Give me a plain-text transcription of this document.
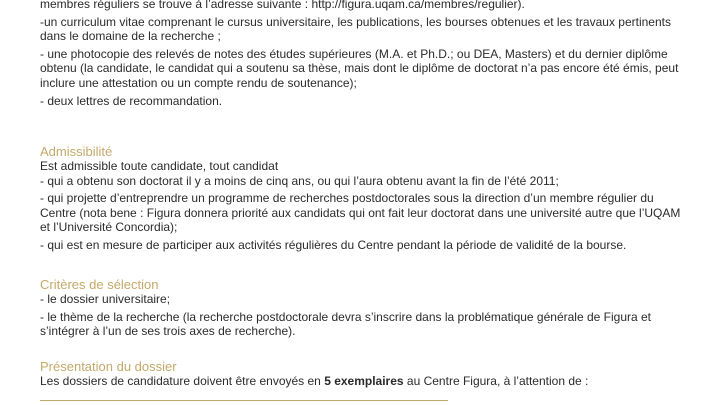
membres réguliers se trouve à l’adresse suivante : http://figura.uqam.ca/membres/regulier).

-un curriculum vitae comprenant le cursus universitaire, les publications, les bourses obtenues et les travaux pertinents dans le domaine de la recherche ;

- une photocopie des relevés de notes des études supérieures (M.A. et Ph.D.; ou DEA, Masters) et du dernier diplôme obtenu (la candidate, le candidat qui a soutenu sa thèse, mais dont le diplôme de doctorat n’a pas encore été émis, peut inclure une attestation ou un compte rendu de soutenance);

- deux lettres de recommandation.

Admissibilité

Est admissible toute candidate, tout candidat

- qui a obtenu son doctorat il y a moins de cinq ans, ou qui l’aura obtenu avant la fin de l’été 2011;

- qui projette d’entreprendre un programme de recherches postdoctorales sous la direction d’un membre régulier du Centre (nota bene : Figura donnera priorité aux candidats qui ont fait leur doctorat dans une université autre que l’UQAM et l’Université Concordia);

- qui est en mesure de participer aux activités régulières du Centre pendant la période de validité de la bourse.

Critères de sélection

- le dossier universitaire;

- le thème de la recherche (la recherche postdoctorale devra s’inscrire dans la problématique générale de Figura et s’intégrer à l’un de ses trois axes de recherche).

Présentation du dossier

Les dossiers de candidature doivent être envoyés en 5 exemplaires au Centre Figura, à l’attention de :
